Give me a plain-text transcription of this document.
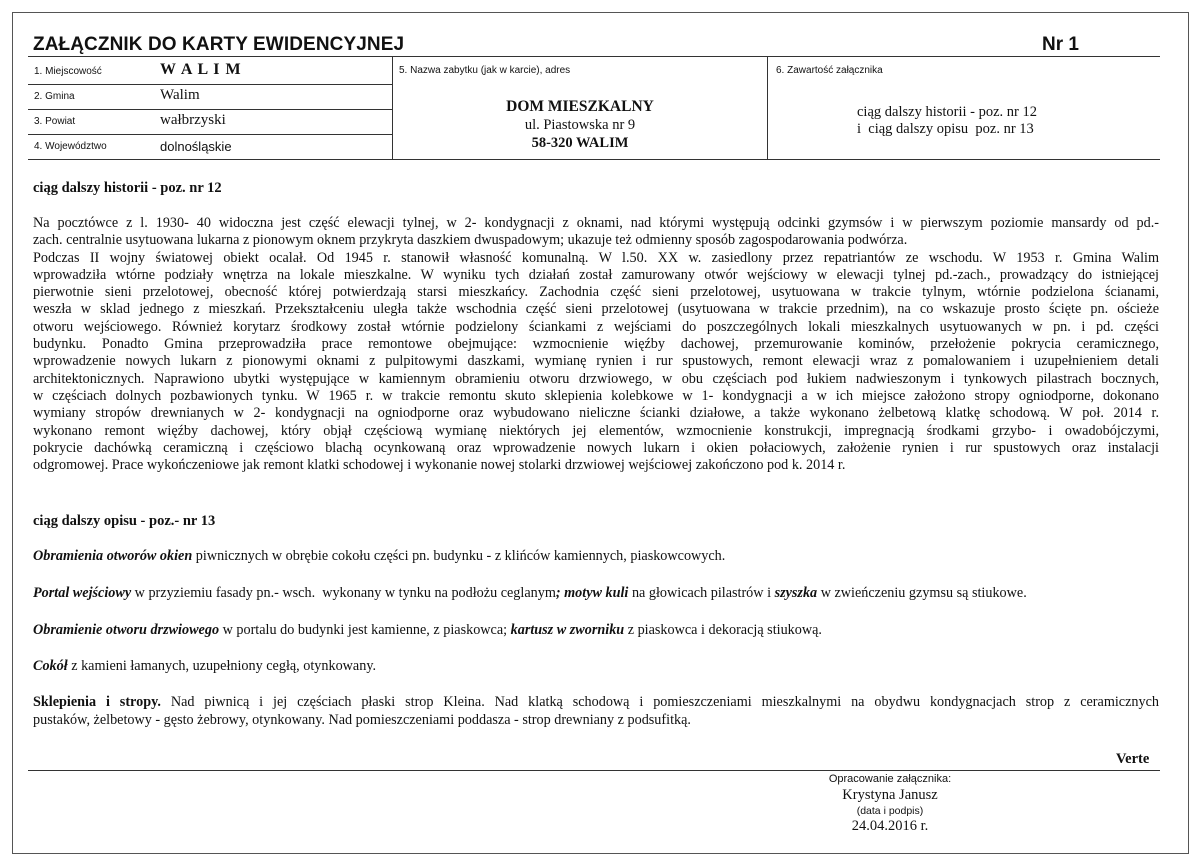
ZAŁĄCZNIK DO KARTY EWIDENCYJNEJ	Nr 1
1. Miejscowość	W A L I M
2. Gmina	Walim
3. Powiat	wałbrzyski
4. Województwo	dolnośląskie
5. Nazwa zabytku (jak w karcie), adres
DOM MIESZKALNY
ul. Piastowska nr 9
58-320 WALIM
6. Zawartość załącznika
ciąg dalszy historii - poz. nr 12
i  ciąg dalszy opisu  poz. nr 13
ciąg dalszy historii - poz. nr 12
Na pocztówce z l. 1930- 40 widoczna jest część elewacji tylnej, w 2- kondygnacji z oknami, nad którymi występują odcinki gzymsów i w pierwszym poziomie mansardy od pd.-
zach. centralnie usytuowana lukarna z pionowym oknem przykryta daszkiem dwuspadowym; ukazuje też odmienny sposób zagospodarowania podwórza.
Podczas II wojny światowej obiekt ocalał. Od 1945 r. stanowił własność komunalną. W l.50. XX w. zasiedlony przez repatriantów ze wschodu. W 1953 r. Gmina Walim
wprowadziła wtórne podziały wnętrza na lokale mieszkalne. W wyniku tych działań został zamurowany otwór wejściowy w elewacji tylnej pd.-zach., prowadzący do istniejącej
pierwotnie sieni przelotowej, obecność której potwierdzają starsi mieszkańcy. Zachodnia część sieni przelotowej, usytuowana w trakcie tylnym, wtórnie podzielona ścianami,
weszła w sklad jednego z mieszkań. Przekształceniu uległa także wschodnia część sieni przelotowej (usytuowana w trakcie przednim), na co wskazuje prosto ścięte pn. ościeże
otworu wejściowego. Również korytarz środkowy został wtórnie podzielony ściankami z wejściami do poszczególnych lokali mieszkalnych usytuowanych w pn. i pd. części
budynku. Ponadto Gmina przeprowadziła prace remontowe obejmujące: wzmocnienie więźby dachowej, przemurowanie kominów, przełożenie pokrycia ceramicznego,
wprowadzenie nowych lukarn z pionowymi oknami z pulpitowymi daszkami, wymianę rynien i rur spustowych, remont elewacji wraz z pomalowaniem i uzupełnieniem detali
architektonicznych. Naprawiono ubytki występujące w kamiennym obramieniu otworu drzwiowego, w obu częściach pod łukiem nadwieszonym i tynkowych pilastrach bocznych,
w częściach dolnych pozbawionych tynku. W 1965 r. w trakcie remontu skuto sklepienia kolebkowe w 1- kondygnacji a w ich miejsce założono stropy ogniodporne, dokonano
wymiany stropów drewnianych w 2- kondygnacji na ogniodporne oraz wybudowano nieliczne ścianki działowe, a także wykonano żelbetową klatkę schodową. W poł. 2014 r.
wykonano remont więźby dachowej, który objął częściową wymianę niektórych jej elementów, wzmocnienie konstrukcji, impregnacją środkami grzybo- i owadobójczymi,
pokrycie dachówką ceramiczną i częściowo blachą ocynkowaną oraz wprowadzenie nowych lukarn i okien połaciowych, założenie rynien i rur spustowych oraz instalacji
odgromowej. Prace wykończeniowe jak remont klatki schodowej i wykonanie nowej stolarki drzwiowej wejściowej zakończono pod k. 2014 r.
ciąg dalszy opisu - poz.- nr 13
Obramienia otworów okien piwnicznych w obrębie cokołu części pn. budynku - z klińców kamiennych, piaskowcowych.
Portal wejściowy w przyziemiu fasady pn.- wsch.  wykonany w tynku na podłożu ceglanym; motyw kuli na głowicach pilastrów i szyszka w zwieńczeniu gzymsu są stiukowe.
Obramienie otworu drzwiowego w portalu do budynki jest kamienne, z piaskowca; kartusz w zworniku z piaskowca i dekoracją stiukową.
Cokół z kamieni łamanych, uzupełniony cegłą, otynkowany.
Sklepienia i stropy. Nad piwnicą i jej częściach płaski strop Kleina. Nad klatką schodową i pomieszczeniami mieszkalnymi na obydwu kondygnacjach strop z ceramicznych
pustaków, żelbetowy - gęsto żebrowy, otynkowany. Nad pomieszczeniami poddasza - strop drewniany z podsufitką.
Verte
Opracowanie załącznika:
Krystyna Janusz
(data i podpis)
24.04.2016 r.
